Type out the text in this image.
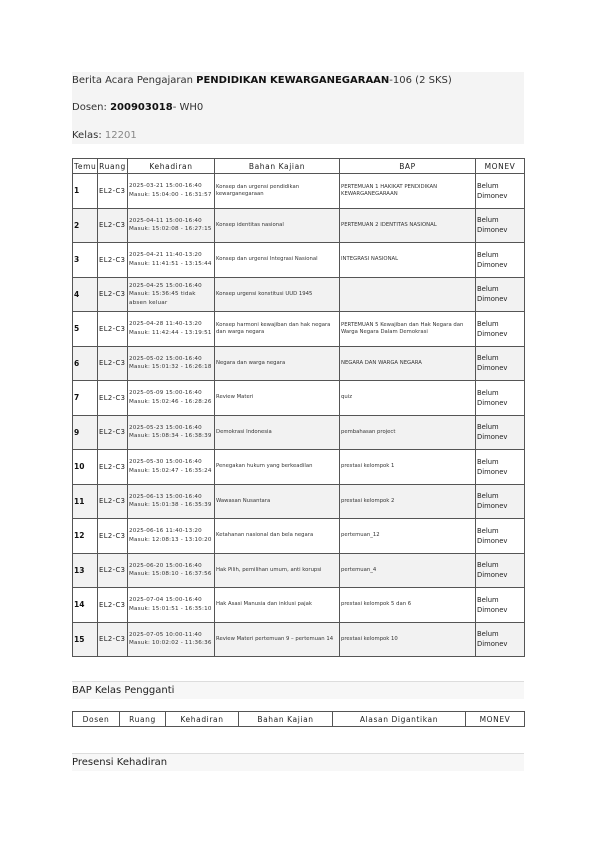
Berita Acara Pengajaran PENDIDIKAN KEWARGANEGARAAN-106 (2 SKS)
Dosen: 200903018- WH0
Kelas: 12201
Temu	Ruang	Kehadiran	Bahan Kajian	BAP	MONEV
1	EL2-C3	2025-03-21 15:00-16:40 Masuk: 15:04:00 - 16:31:57	Konsep dan urgensi pendidikan kewarganegaraan	PERTEMUAN 1 HAKIKAT PENDIDIKAN KEWARGANEGARAAN	Belum Dimonev
2	EL2-C3	2025-04-11 15:00-16:40 Masuk: 15:02:08 - 16:27:15	Konsep identitas nasional	PERTEMUAN 2 IDENTITAS NASIONAL	Belum Dimonev
3	EL2-C3	2025-04-21 11:40-13:20 Masuk: 11:41:51 - 13:15:44	Konsep dan urgensi Integrasi Nasional	INTEGRASI NASIONAL	Belum Dimonev
4	EL2-C3	2025-04-25 15:00-16:40 Masuk: 15:36:45 tidak absen keluar	Konsep urgensi konstitusi UUD 1945		Belum Dimonev
5	EL2-C3	2025-04-28 11:40-13:20 Masuk: 11:42:44 - 13:19:51	Konsep harmoni kewajiban dan hak negara dan warga negara	PERTEMUAN 5 Kewajiban dan Hak Negara dan Warga Negara Dalam Demokrasi	Belum Dimonev
6	EL2-C3	2025-05-02 15:00-16:40 Masuk: 15:01:32 - 16:26:18	Negara dan warga negara	NEGARA DAN WARGA NEGARA	Belum Dimonev
7	EL2-C3	2025-05-09 15:00-16:40 Masuk: 15:02:46 - 16:28:26	Review Materi	quiz	Belum Dimonev
9	EL2-C3	2025-05-23 15:00-16:40 Masuk: 15:08:34 - 16:38:39	Demokrasi Indonesia	pembahasan project	Belum Dimonev
10	EL2-C3	2025-05-30 15:00-16:40 Masuk: 15:02:47 - 16:35:24	Penegakan hukum yang berkeadilan	prestasi kelompok 1	Belum Dimonev
11	EL2-C3	2025-06-13 15:00-16:40 Masuk: 15:01:38 - 16:35:39	Wawasan Nusantara	prestasi kelompok 2	Belum Dimonev
12	EL2-C3	2025-06-16 11:40-13:20 Masuk: 12:08:13 - 13:10:20	Ketahanan nasional dan bela negara	pertemuan_12	Belum Dimonev
13	EL2-C3	2025-06-20 15:00-16:40 Masuk: 15:08:10 - 16:37:56	Hak Pilih, pemilihan umum, anti korupsi	pertemuan_4	Belum Dimonev
14	EL2-C3	2025-07-04 15:00-16:40 Masuk: 15:01:51 - 16:35:10	Hak Asasi Manusia dan inklusi pajak	prestasi kelompok 5 dan 6	Belum Dimonev
15	EL2-C3	2025-07-05 10:00-11:40 Masuk: 10:02:02 - 11:36:36	Review Materi pertemuan 9 – pertemuan 14	prestasi kelompok 10	Belum Dimonev
BAP Kelas Pengganti
Dosen	Ruang	Kehadiran	Bahan Kajian	Alasan Digantikan	MONEV
Presensi Kehadiran
